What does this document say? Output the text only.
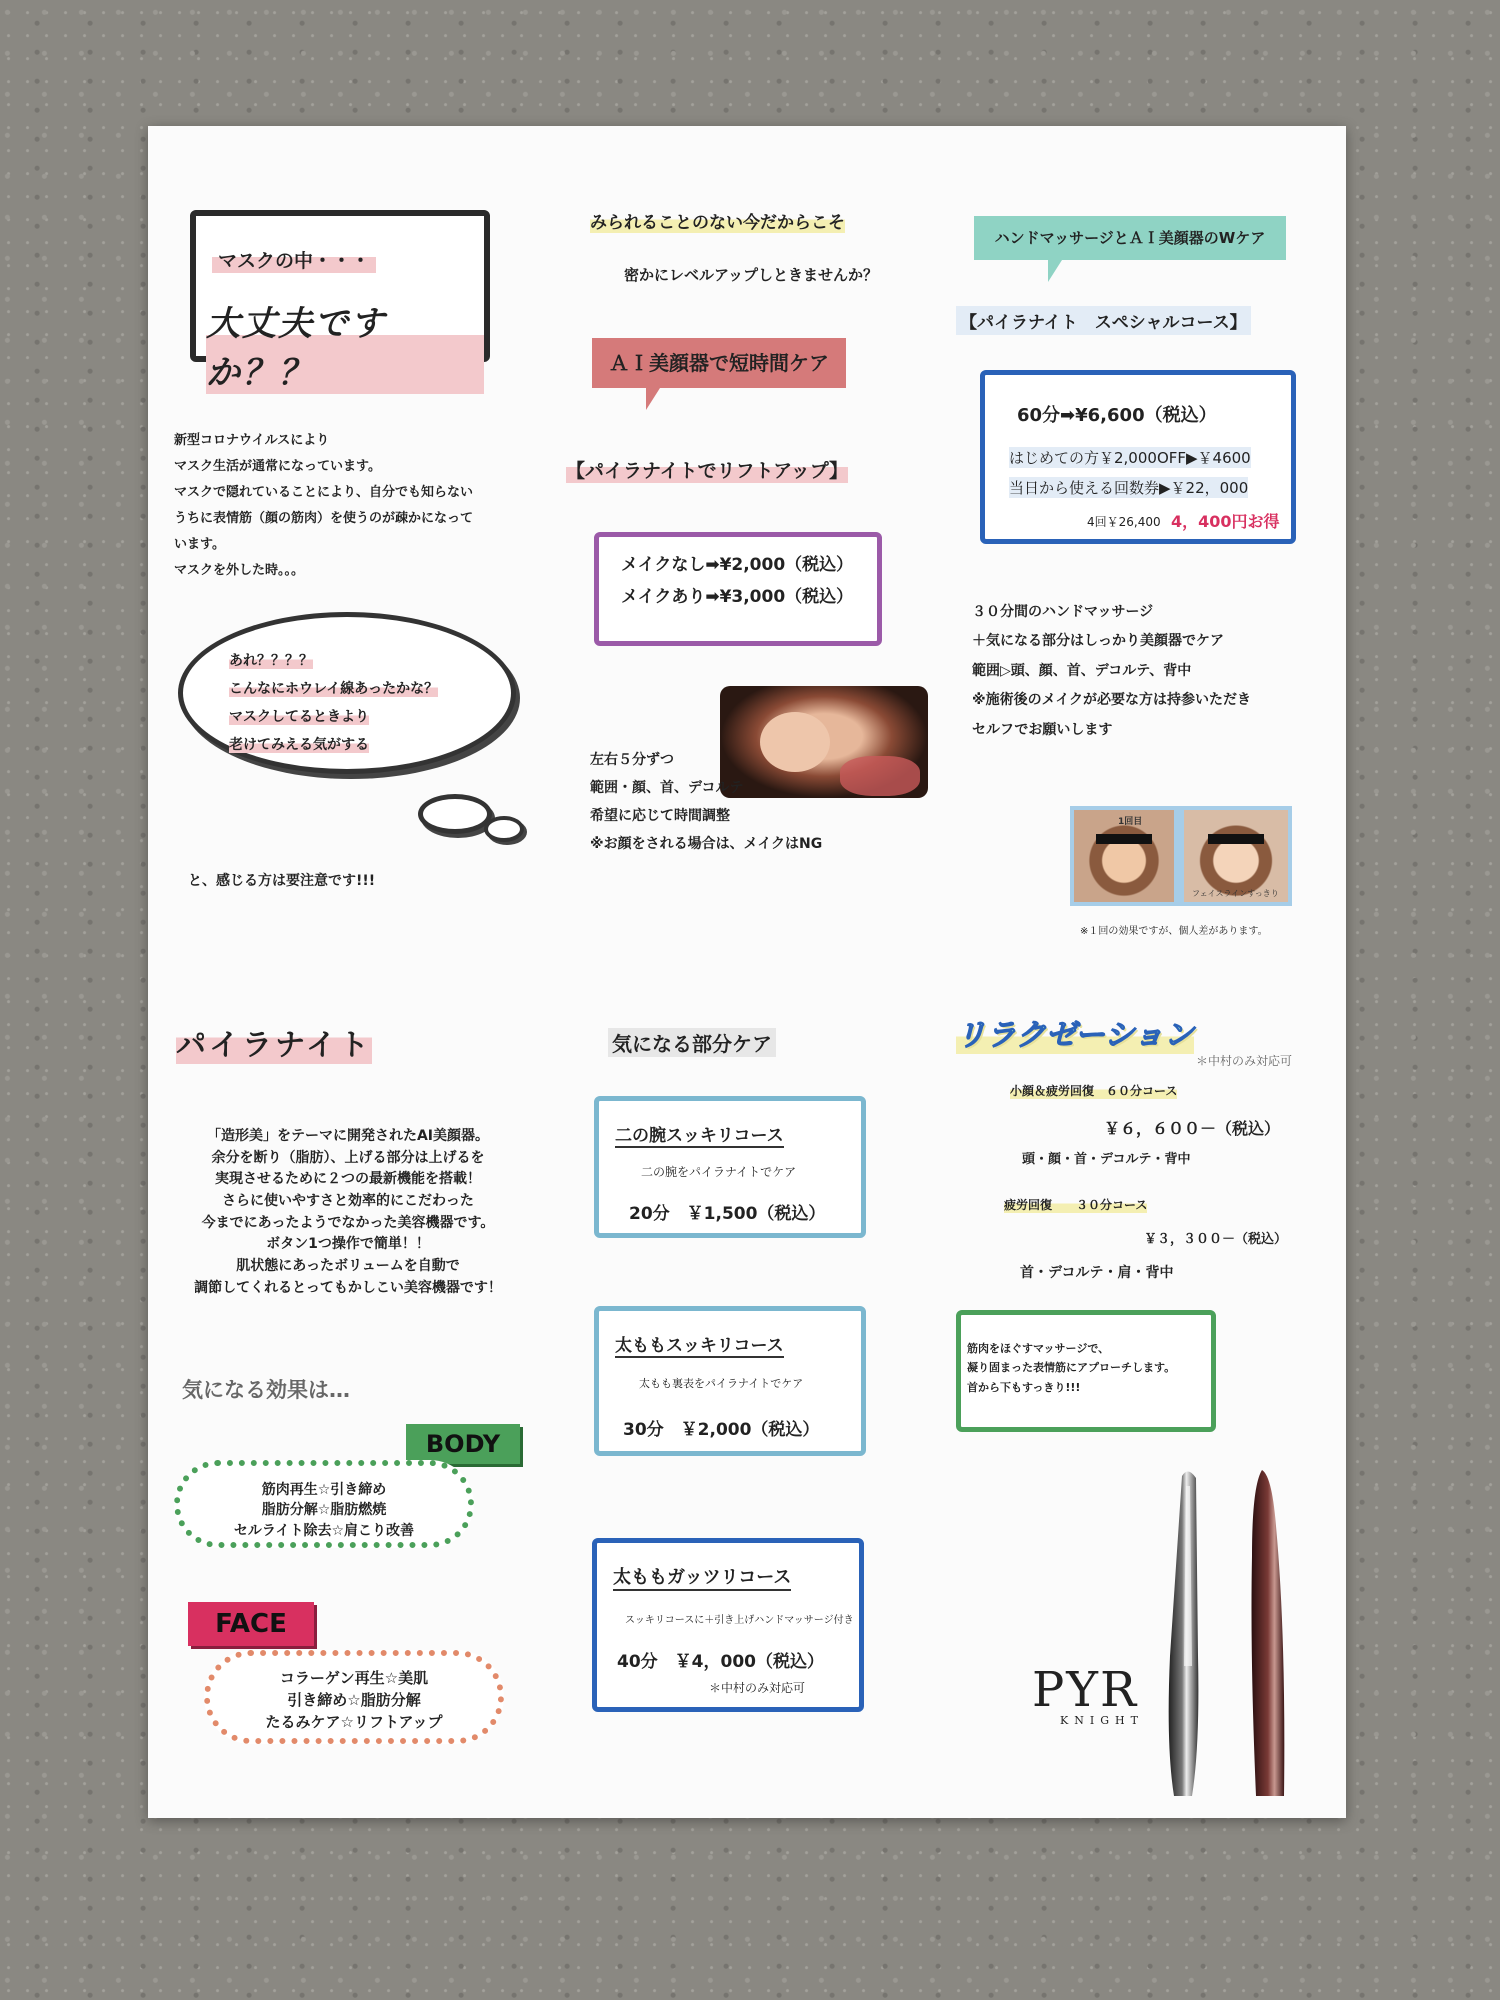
マスクの中・・・
大丈夫ですか？？
新型コロナウイルスにより
マスク生活が通常になっています。
マスクで隠れていることにより、自分でも知らない
うちに表情筋（顔の筋肉）を使うのが疎かになって
います。
マスクを外した時。。。
あれ？？？？
こんなにホウレイ線あったかな？
マスクしてるときより
老けてみえる気がする
と、感じる方は要注意です!!!
みられることのない今だからこそ
密かにレベルアップしときませんか？
ＡＩ美顔器で短時間ケア
【パイラナイトでリフトアップ】
メイクなし➡¥2,000（税込）
メイクあり➡¥3,000（税込）
左右５分ずつ
範囲・顔、首、デコルテ
希望に応じて時間調整
※お顔をされる場合は、メイクはNG
ハンドマッサージとＡＩ美顔器のWケア
【パイラナイト　スペシャルコース】
60分➡¥6,600（税込）
はじめての方￥2,000OFF▶￥4600
当日から使える回数券▶￥22，000
4回￥26,400 4，400円お得
３０分間のハンドマッサージ
＋気になる部分はしっかり美顔器でケア
範囲▷頭、顔、首、デコルテ、背中
※施術後のメイクが必要な方は持参いただき
セルフでお願いします
1回目
フェイスラインすっきり
※１回の効果ですが、個人差があります。
パイラナイト
「造形美」をテーマに開発されたAI美顔器。
余分を断り（脂肪）、上げる部分は上げるを
実現させるために２つの最新機能を搭載！
さらに使いやすさと効率的にこだわった
今までにあったようでなかった美容機器です。
ボタン1つ操作で簡単！！
肌状態にあったボリュームを自動で
調節してくれるとってもかしこい美容機器です！
気になる効果は…
BODY
筋肉再生☆引き締め
脂肪分解☆脂肪燃焼
セルライト除去☆肩こり改善
FACE
コラーゲン再生☆美肌
引き締め☆脂肪分解
たるみケア☆リフトアップ
気になる部分ケア
二の腕スッキリコース
二の腕をパイラナイトでケア
20分　￥1,500（税込）
太ももスッキリコース
太もも裏表をパイラナイトでケア
30分　￥2,000（税込）
太ももガッツリコース
スッキリコースに＋引き上げハンドマッサージ付き
40分　￥4，000（税込）
＊中村のみ対応可
リラクゼーション
＊中村のみ対応可
小顔＆疲労回復　６０分コース
￥６，６００－（税込）
頭・顔・首・デコルテ・背中
疲労回復　　３０分コース
￥３，３００－（税込）
首・デコルテ・肩・背中
筋肉をほぐすマッサージで、
凝り固まった表情筋にアプローチします。
首から下もすっきり!!!
PYR
KNIGHT
